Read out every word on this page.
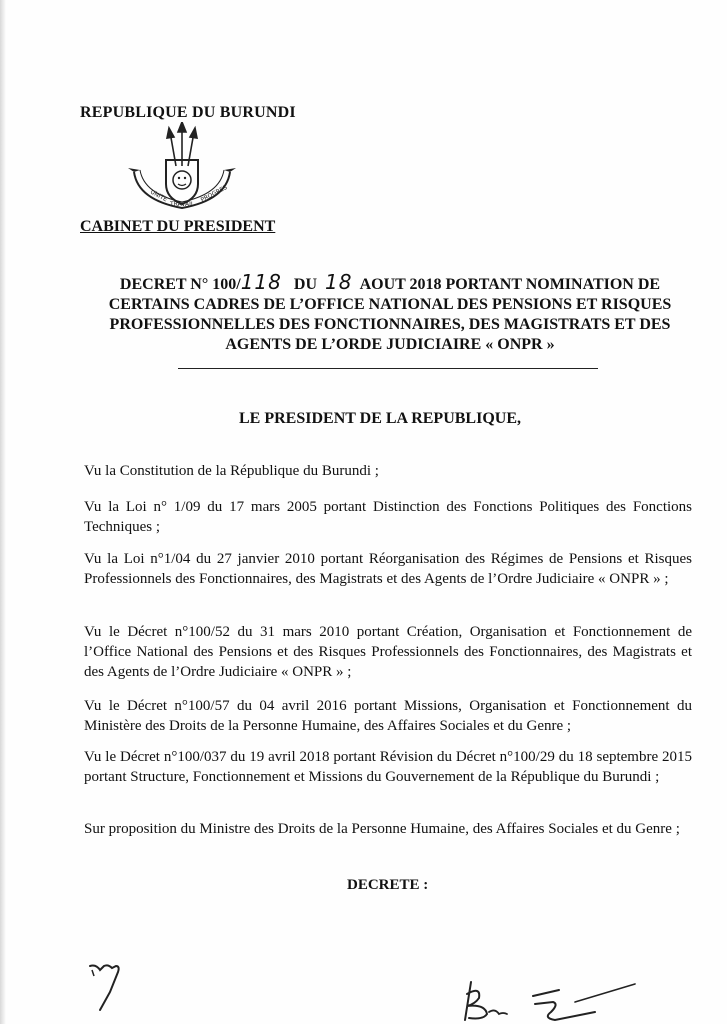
REPUBLIQUE DU BURUNDI
UNITE
TRAVAIL
PROGRES
CABINET DU PRESIDENT
DECRET N° 100/118 DU 18 AOUT 2018 PORTANT NOMINATION DE
CERTAINS CADRES DE L’OFFICE NATIONAL DES PENSIONS ET RISQUES
PROFESSIONNELLES DES FONCTIONNAIRES, DES MAGISTRATS ET DES
AGENTS DE L’ORDE JUDICIAIRE « ONPR »
LE PRESIDENT DE LA REPUBLIQUE,
Vu la Constitution de la République du Burundi ;
Vu la Loi n° 1/09 du 17 mars 2005 portant Distinction des Fonctions Politiques des Fonctions Techniques ;
Vu la Loi n°1/04 du 27 janvier 2010 portant Réorganisation des Régimes de Pensions et Risques Professionnels des Fonctionnaires, des Magistrats et des Agents de l’Ordre Judiciaire « ONPR » ;
Vu le Décret n°100/52 du 31 mars 2010 portant Création, Organisation et Fonctionnement de l’Office National des Pensions et des Risques Professionnels des Fonctionnaires, des Magistrats et des Agents de l’Ordre Judiciaire « ONPR » ;
Vu le Décret n°100/57 du 04 avril 2016 portant Missions, Organisation et Fonctionnement du Ministère des Droits de la Personne Humaine, des Affaires Sociales et du Genre ;
Vu le Décret n°100/037 du 19 avril 2018 portant Révision du Décret n°100/29 du 18 septembre 2015 portant Structure, Fonctionnement et Missions du Gouvernement de la République du Burundi ;
Sur proposition du Ministre des Droits de la Personne Humaine, des Affaires Sociales et du Genre ;
DECRETE :
